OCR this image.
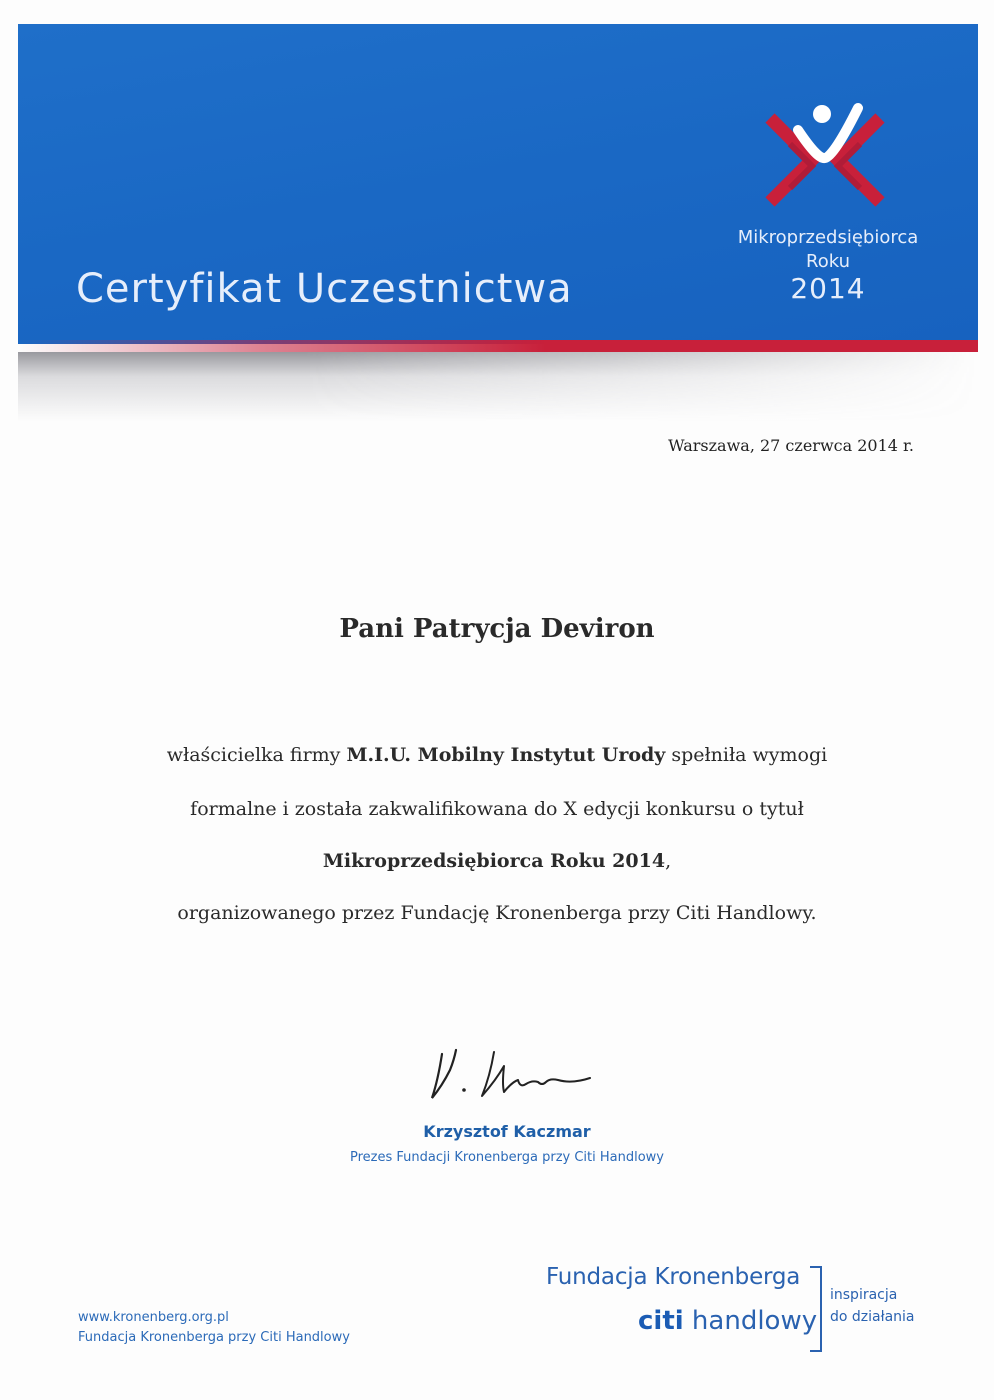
Certyfikat Uczestnictwa
Mikroprzedsiębiorca
Roku
2014
Warszawa, 27 czerwca 2014 r.
Pani Patrycja Deviron
właścicielka firmy M.I.U. Mobilny Instytut Urody spełniła wymogi
formalne i została zakwalifikowana do X edycji konkursu o tytuł
Mikroprzedsiębiorca Roku 2014,
organizowanego przez Fundację Kronenberga przy Citi Handlowy.
Krzysztof Kaczmar
Prezes Fundacji Kronenberga przy Citi Handlowy
www.kronenberg.org.pl
Fundacja Kronenberga przy Citi Handlowy
Fundacja Kronenberga
citi handlowy
inspiracja
do działania
